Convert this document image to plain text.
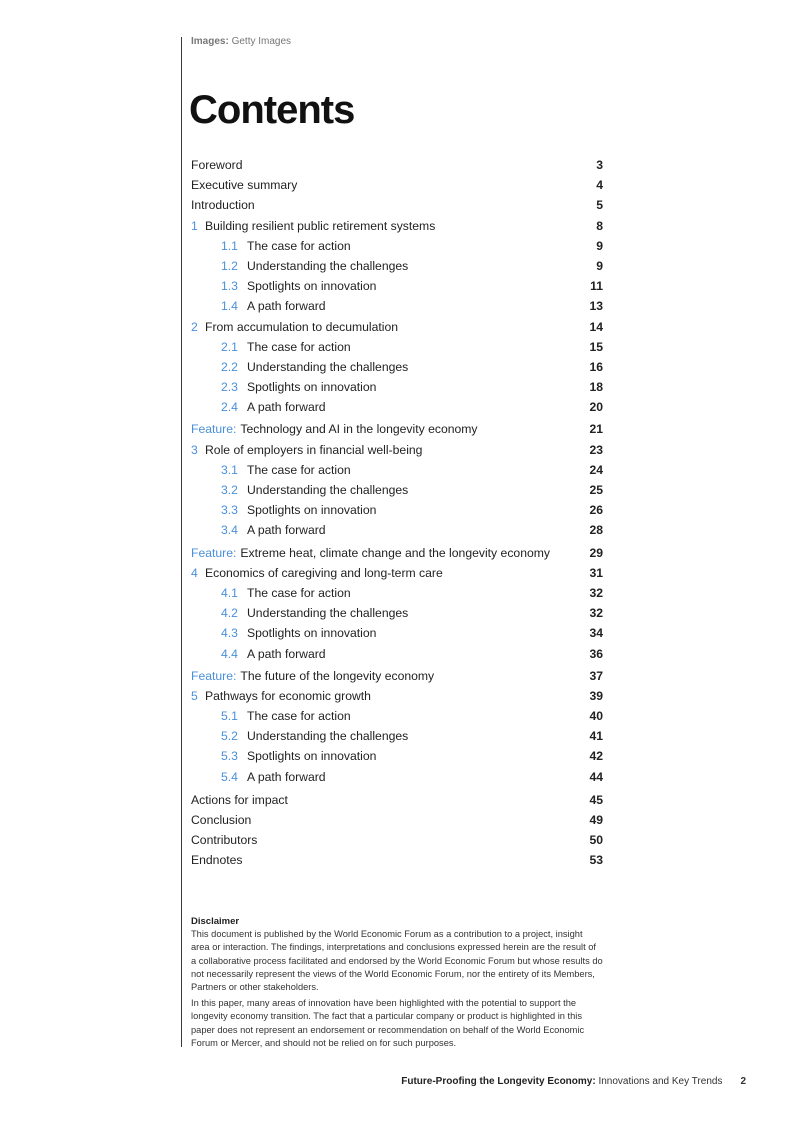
Images: Getty Images
Contents
Foreword	3
Executive summary	4
Introduction	5
1 Building resilient public retirement systems	8
1.1 The case for action	9
1.2 Understanding the challenges	9
1.3 Spotlights on innovation	11
1.4 A path forward	13
2 From accumulation to decumulation	14
2.1 The case for action	15
2.2 Understanding the challenges	16
2.3 Spotlights on innovation	18
2.4 A path forward	20
Feature: Technology and AI in the longevity economy	21
3 Role of employers in financial well-being	23
3.1 The case for action	24
3.2 Understanding the challenges	25
3.3 Spotlights on innovation	26
3.4 A path forward	28
Feature: Extreme heat, climate change and the longevity economy	29
4 Economics of caregiving and long-term care	31
4.1 The case for action	32
4.2 Understanding the challenges	32
4.3 Spotlights on innovation	34
4.4 A path forward	36
Feature: The future of the longevity economy	37
5 Pathways for economic growth	39
5.1 The case for action	40
5.2 Understanding the challenges	41
5.3 Spotlights on innovation	42
5.4 A path forward	44
Actions for impact	45
Conclusion	49
Contributors	50
Endnotes	53
Disclaimer

This document is published by the World Economic Forum as a contribution to a project, insight area or interaction. The findings, interpretations and conclusions expressed herein are the result of a collaborative process facilitated and endorsed by the World Economic Forum but whose results do not necessarily represent the views of the World Economic Forum, nor the entirety of its Members, Partners or other stakeholders.

In this paper, many areas of innovation have been highlighted with the potential to support the longevity economy transition. The fact that a particular company or product is highlighted in this paper does not represent an endorsement or recommendation on behalf of the World Economic Forum or Mercer, and should not be relied on for such purposes.

Future-Proofing the Longevity Economy: Innovations and Key Trends 2
